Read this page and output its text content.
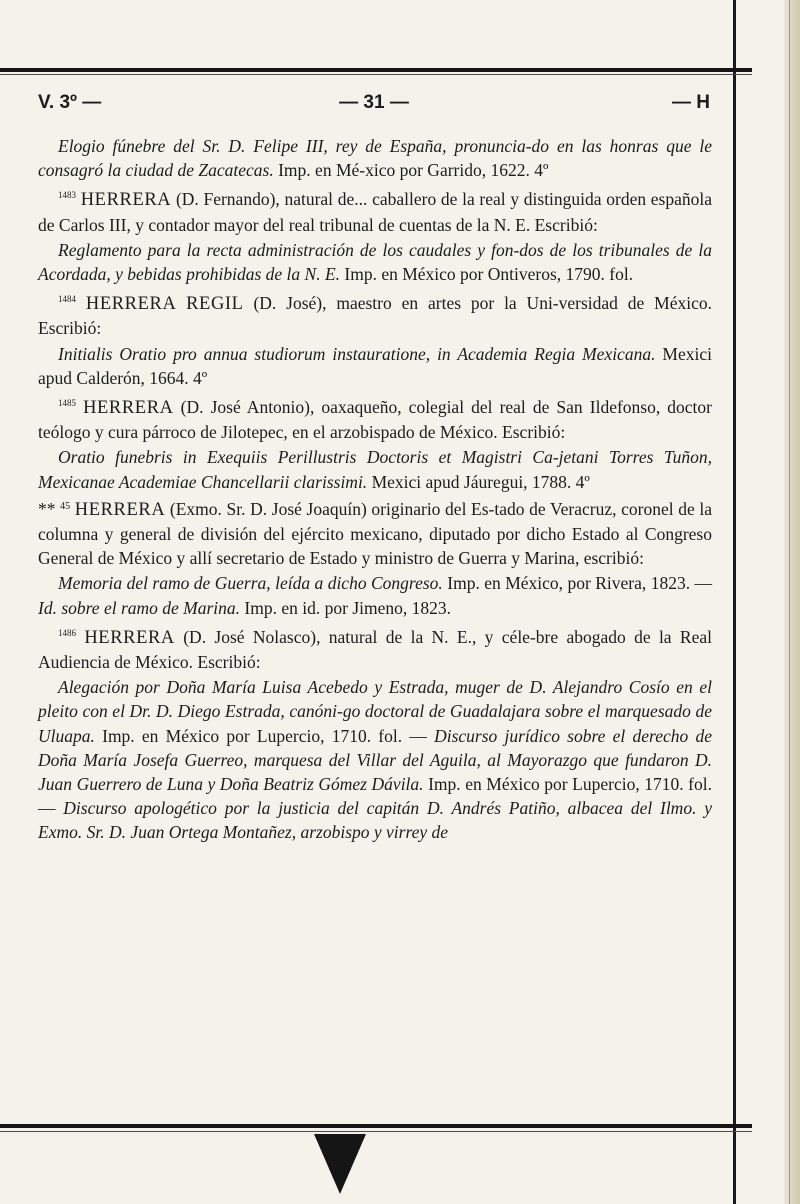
V. 3º —	— 31 —	— H

Elogio fúnebre del Sr. D. Felipe III, rey de España, pronuncia-do en las honras que le consagró la ciudad de Zacatecas. Imp. en Mé-xico por Garrido, 1622. 4º

$^{1483}$ HERRERA (D. Fernando), natural de... caballero de la real y distinguida orden española de Carlos III, y contador mayor del real tribunal de cuentas de la N. E. Escribió:

Reglamento para la recta administración de los caudales y fon-dos de los tribunales de la Acordada, y bebidas prohibidas de la N. E. Imp. en México por Ontiveros, 1790. fol.

$^{1484}$ HERRERA REGIL (D. José), maestro en artes por la Uni-versidad de México. Escribió:

Initialis Oratio pro annua studiorum instauratione, in Academia Regia Mexicana. Mexici apud Calderón, 1664. 4º

$^{1485}$ HERRERA (D. José Antonio), oaxaqueño, colegial del real de San Ildefonso, doctor teólogo y cura párroco de Jilotepec, en el arzobispado de México. Escribió:

Oratio funebris in Exequiis Perillustris Doctoris et Magistri Ca-jetani Torres Tuñon, Mexicanae Academiae Chancellarii clarissimi. Mexici apud Jáuregui, 1788. 4º

** $^{45}$ HERRERA (Exmo. Sr. D. José Joaquín) originario del Es-tado de Veracruz, coronel de la columna y general de división del ejército mexicano, diputado por dicho Estado al Congreso General de México y allí secretario de Estado y ministro de Guerra y Marina, escribió:

Memoria del ramo de Guerra, leída a dicho Congreso. Imp. en México, por Rivera, 1823. — Id. sobre el ramo de Marina. Imp. en id. por Jimeno, 1823.

$^{1486}$ HERRERA (D. José Nolasco), natural de la N. E., y céle-bre abogado de la Real Audiencia de México. Escribió:

Alegación por Doña María Luisa Acebedo y Estrada, muger de D. Alejandro Cosío en el pleito con el Dr. D. Diego Estrada, canóni-go doctoral de Guadalajara sobre el marquesado de Uluapa. Imp. en México por Lupercio, 1710. fol. — Discurso jurídico sobre el derecho de Doña María Josefa Guerreo, marquesa del Villar del Aguila, al Mayorazgo que fundaron D. Juan Guerrero de Luna y Doña Beatriz Gómez Dávila. Imp. en México por Lupercio, 1710. fol. — Discurso apologético por la justicia del capitán D. Andrés Patiño, albacea del Ilmo. y Exmo. Sr. D. Juan Ortega Montañez, arzobispo y virrey de
